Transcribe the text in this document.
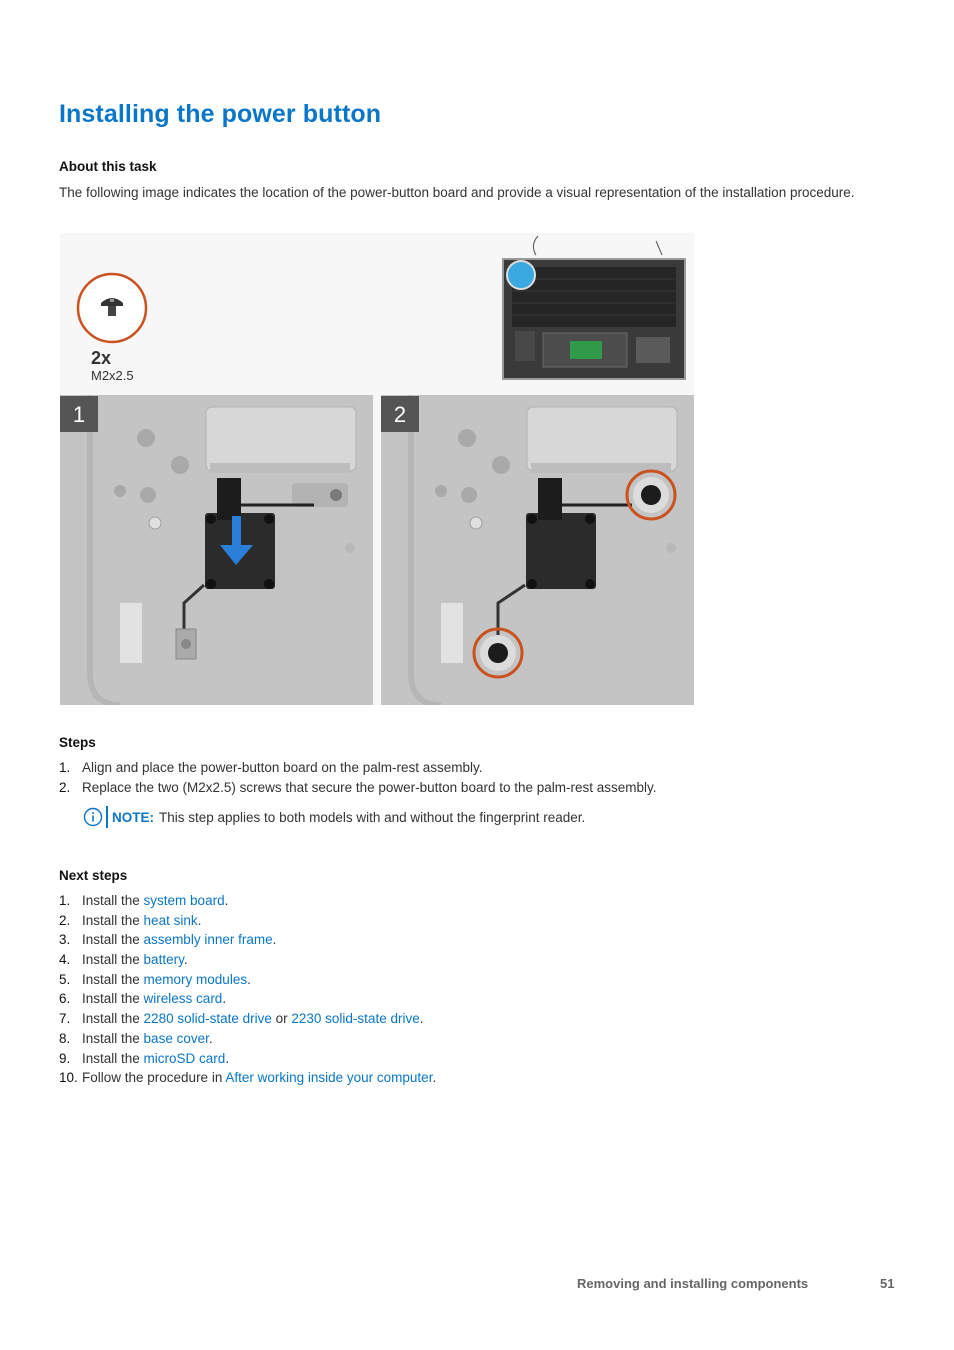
Installing the power button
About this task

The following image indicates the location of the power-button board and provide a visual representation of the installation procedure.

2x
M2x2.5
1	2
Steps
1. Align and place the power-button board on the palm-rest assembly.
2. Replace the two (M2x2.5) screws that secure the power-button board to the palm-rest assembly.
NOTE: This step applies to both models with and without the fingerprint reader.
Next steps
1. Install the system board.
2. Install the heat sink.
3. Install the assembly inner frame.
4. Install the battery.
5. Install the memory modules.
6. Install the wireless card.
7. Install the 2280 solid-state drive or 2230 solid-state drive.
8. Install the base cover.
9. Install the microSD card.
10. Follow the procedure in After working inside your computer.
Removing and installing components	51
